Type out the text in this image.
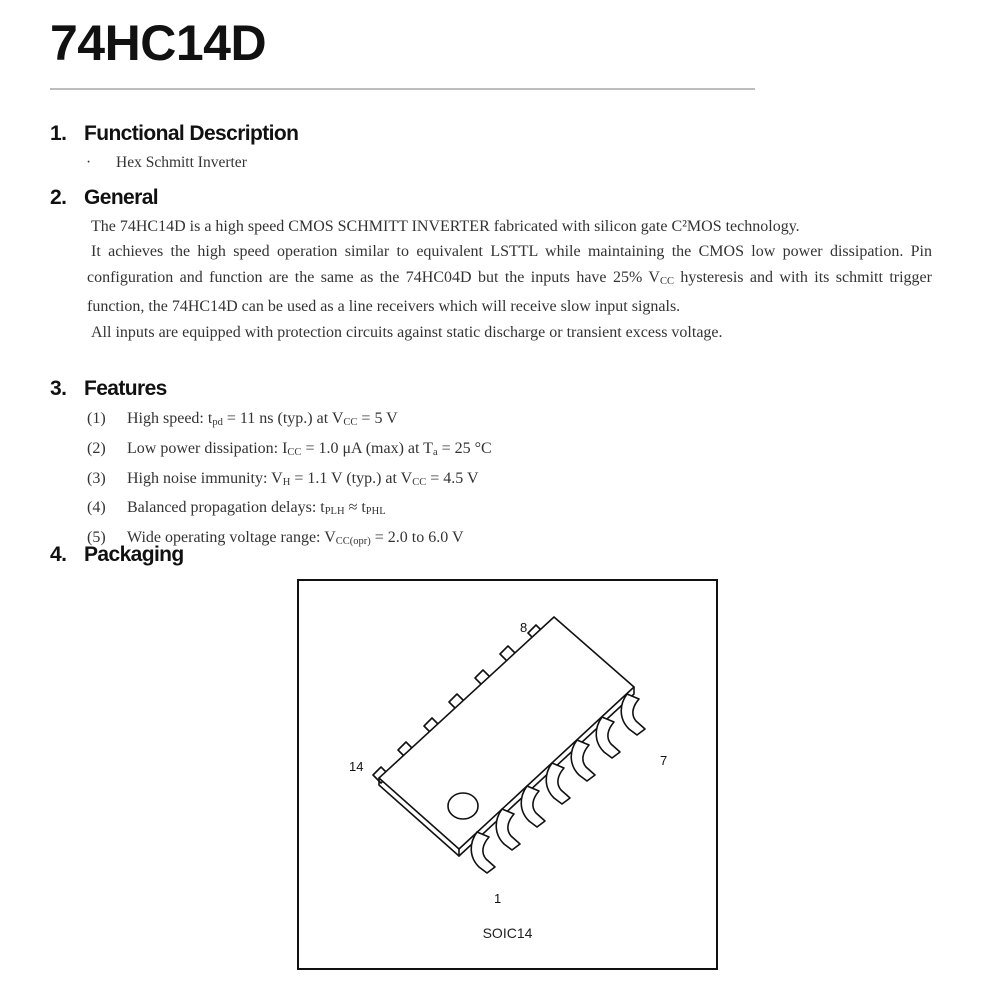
74HC14D
1. Functional Description
· Hex Schmitt Inverter
2. General

The 74HC14D is a high speed CMOS SCHMITT INVERTER fabricated with silicon gate C²MOS technology.

It achieves the high speed operation similar to equivalent LSTTL while maintaining the CMOS low power dissipation. Pin configuration and function are the same as the 74HC04D but the inputs have 25% $V_{CC}$ hysteresis and with its schmitt trigger function, the 74HC14D can be used as a line receivers which will receive slow input signals.

All inputs are equipped with protection circuits against static discharge or transient excess voltage.

3. Features
(1) High speed: $t_{pd} = 11$ ns (typ.) at $V_{CC} = 5$ V
(2) Low power dissipation: $I_{CC} = 1.0$ μA (max) at $T_a = 25$ °C
(3) High noise immunity: $V_H = 1.1$ V (typ.) at $V_{CC} = 4.5$ V
(4) Balanced propagation delays: $t_{PLH} \approx t_{PHL}$
(5) Wide operating voltage range: $V_{CC(opr)} = 2.0$ to 6.0 V
4. Packaging
1
7
8
14
SOIC14
